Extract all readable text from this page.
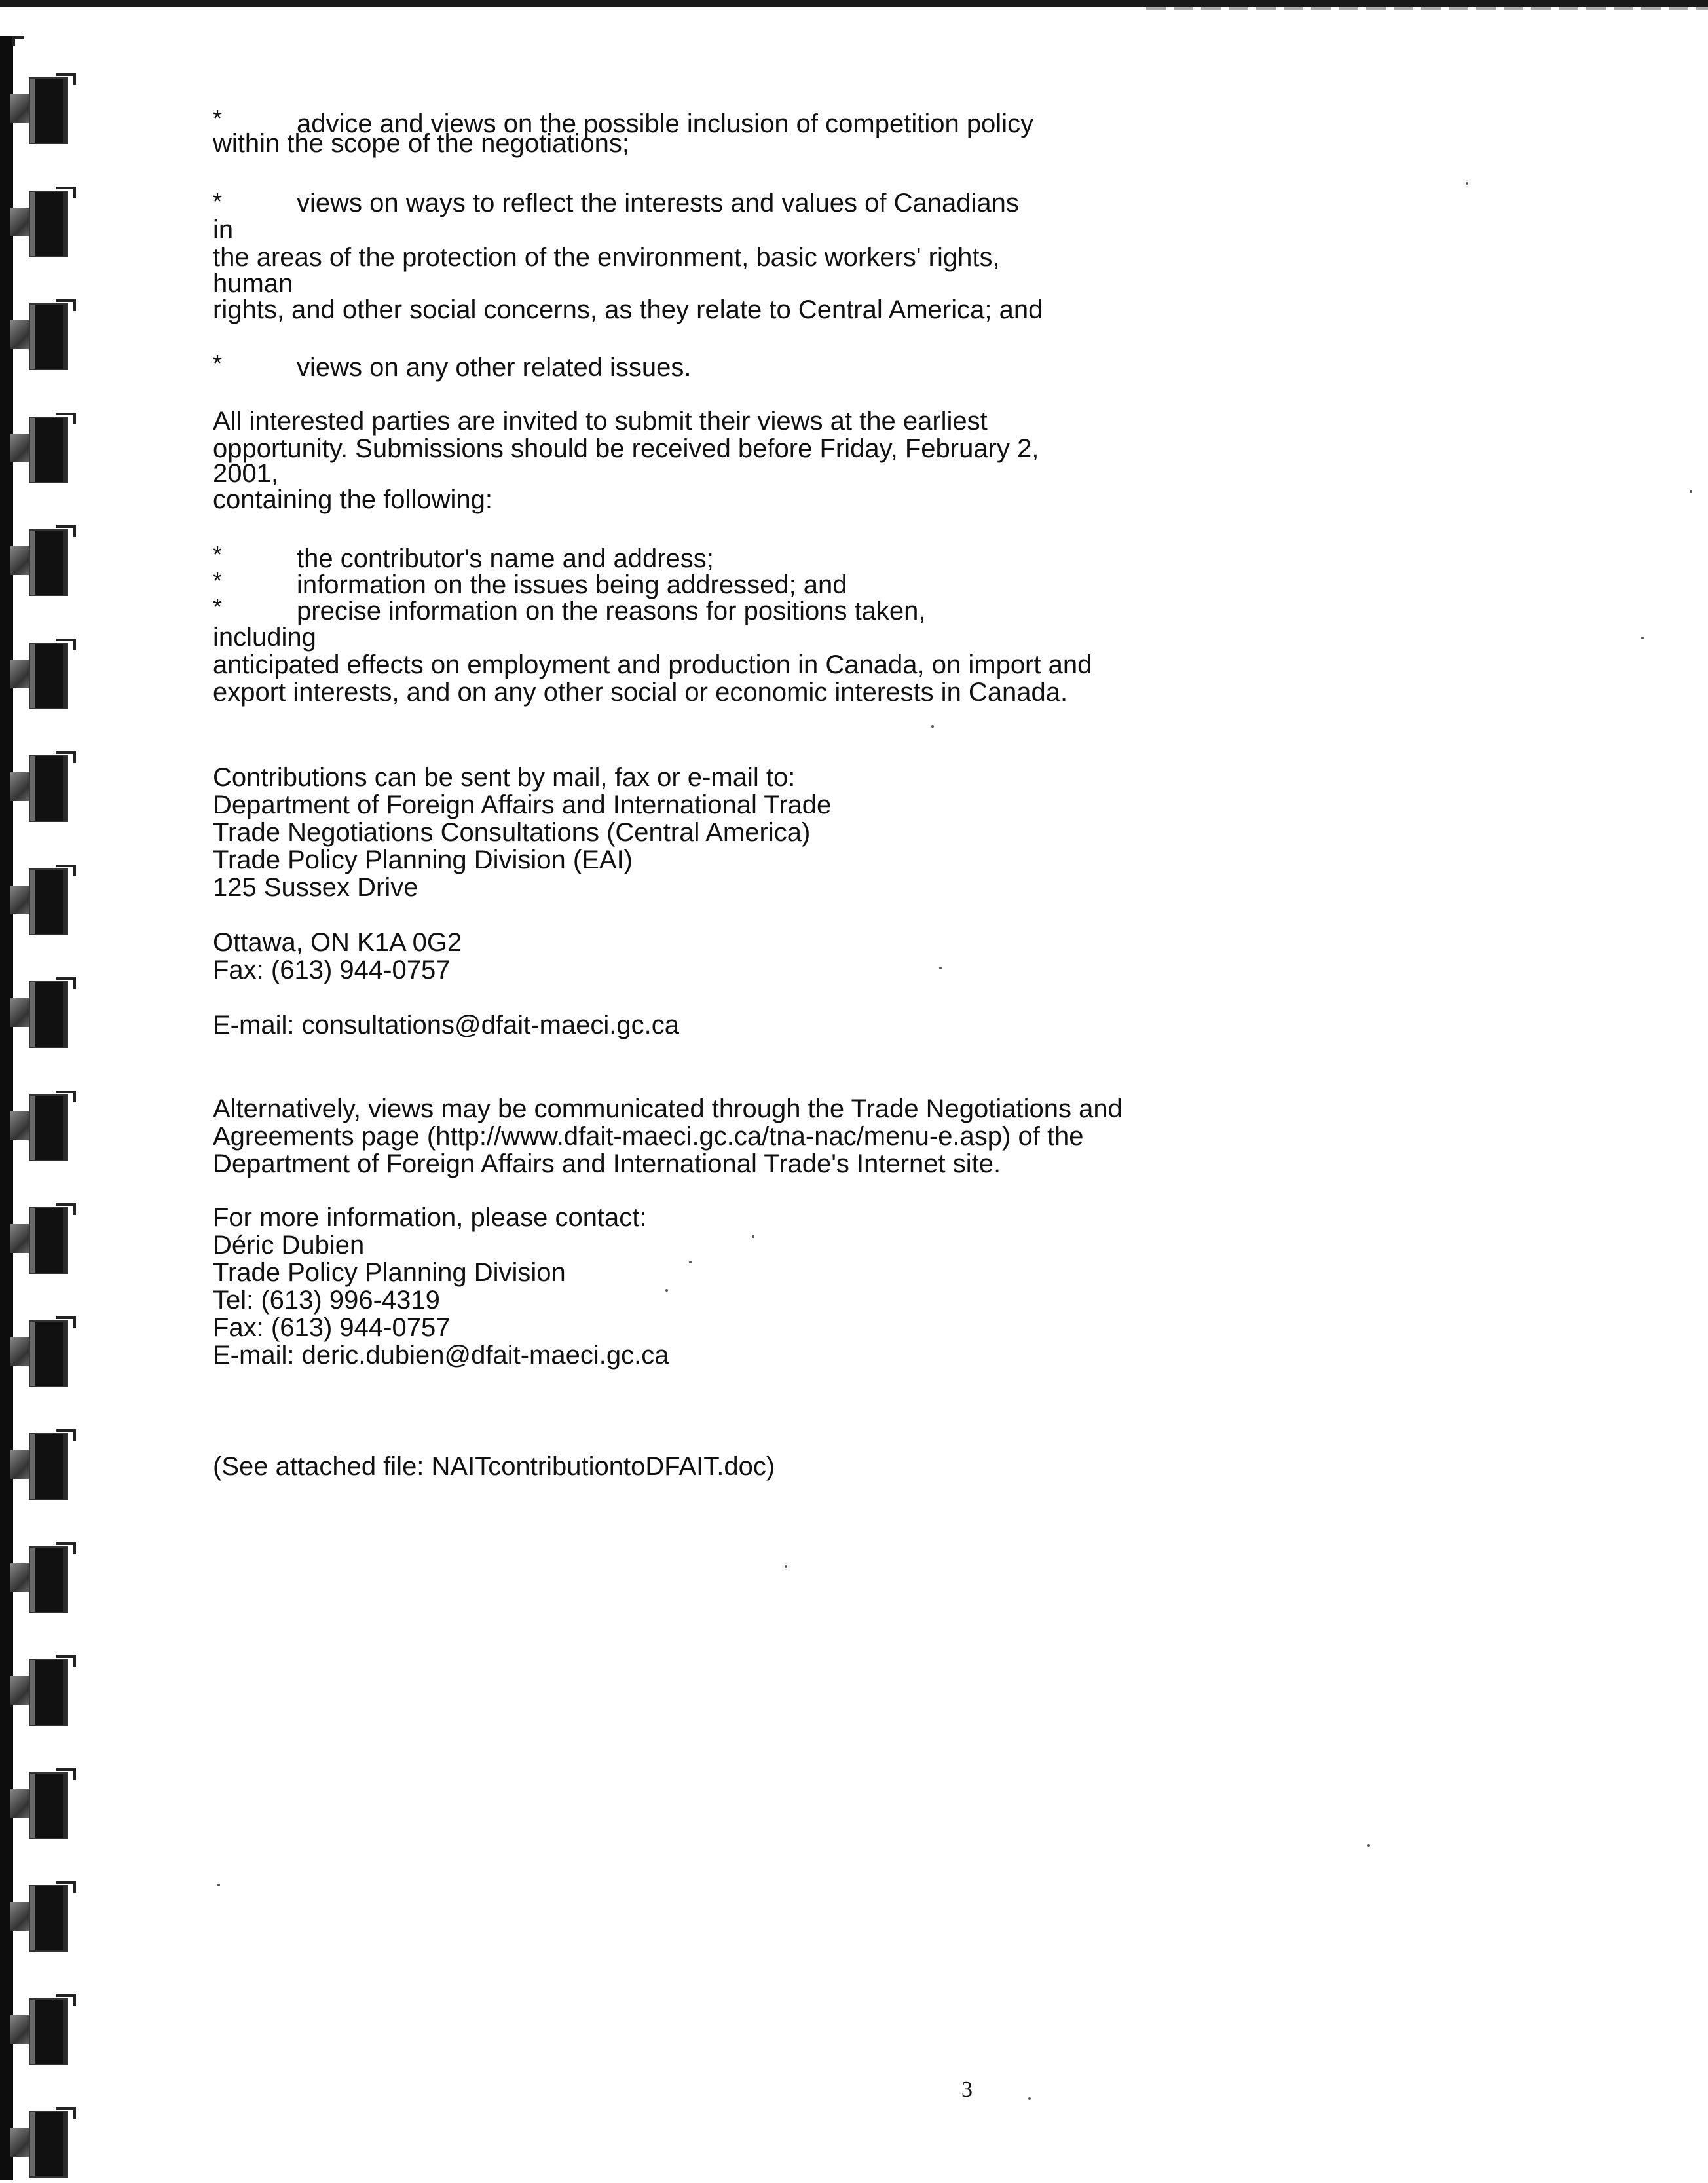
*	advice and views on the possible inclusion of competition policy
within the scope of the negotiations;
*	views on ways to reflect the interests and values of Canadians
in
the areas of the protection of the environment, basic workers' rights,
human
rights, and other social concerns, as they relate to Central America; and
*	views on any other related issues.
All interested parties are invited to submit their views at the earliest
opportunity. Submissions should be received before Friday, February 2,
2001,
containing the following:
*	the contributor's name and address;
*	information on the issues being addressed; and
*	precise information on the reasons for positions taken,
including
anticipated effects on employment and production in Canada, on import and
export interests, and on any other social or economic interests in Canada.
Contributions can be sent by mail, fax or e-mail to:
Department of Foreign Affairs and International Trade
Trade Negotiations Consultations (Central America)
Trade Policy Planning Division (EAI)
125 Sussex Drive
Ottawa, ON K1A 0G2
Fax: (613) 944-0757
E-mail: consultations@dfait-maeci.gc.ca
Alternatively, views may be communicated through the Trade Negotiations and
Agreements page (http://www.dfait-maeci.gc.ca/tna-nac/menu-e.asp) of the
Department of Foreign Affairs and International Trade's Internet site.
For more information, please contact:
Déric Dubien
Trade Policy Planning Division
Tel: (613) 996-4319
Fax: (613) 944-0757
E-mail: deric.dubien@dfait-maeci.gc.ca
(See attached file: NAITcontributiontoDFAIT.doc)
3
